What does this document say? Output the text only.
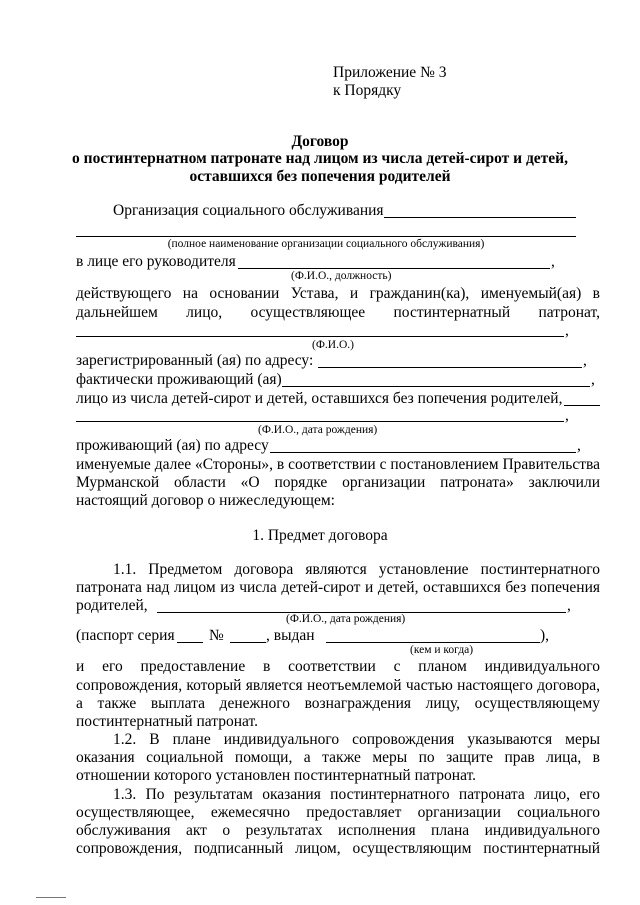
Приложение № 3
к Порядку
Договор
о постинтернатном патронате над лицом из числа детей-сирот и детей,
оставшихся без попечения родителей
Организация социального обслуживания
(полное наименование организации социального обслуживания)
в лице его руководителя	,
(Ф.И.О., должность)
действующего на основании Устава, и гражданин(ка), именуемый(ая) в
дальнейшем лицо, осуществляющее постинтернатный патронат,
,
(Ф.И.О.)
зарегистрированный (ая) по адресу:	,
фактически проживающий (ая)	,
лицо из числа детей-сирот и детей, оставшихся без попечения родителей,
,
(Ф.И.О., дата рождения)
проживающий (ая) по адресу	,
именуемые далее «Стороны», в соответствии с постановлением Правительства
Мурманской области «О порядке организации патроната» заключили
настоящий договор о нижеследующем:
1. Предмет договора
1.1. Предметом договора являются установление постинтернатного
патроната над лицом из числа детей-сирот и детей, оставшихся без попечения
родителей,	,
(Ф.И.О., дата рождения)
(паспорт серия №	, выдан	),
(кем и когда)
и его предоставление в соответствии с планом индивидуального
сопровождения, который является неотъемлемой частью настоящего договора,
а также выплата денежного вознаграждения лицу, осуществляющему
постинтернатный патронат.
1.2. В плане индивидуального сопровождения указываются меры
оказания социальной помощи, а также меры по защите прав лица, в
отношении которого установлен постинтернатный патронат.
1.3. По результатам оказания постинтернатного патроната лицо, его
осуществляющее, ежемесячно предоставляет организации социального
обслуживания акт о результатах исполнения плана индивидуального
сопровождения, подписанный лицом, осуществляющим постинтернатный
